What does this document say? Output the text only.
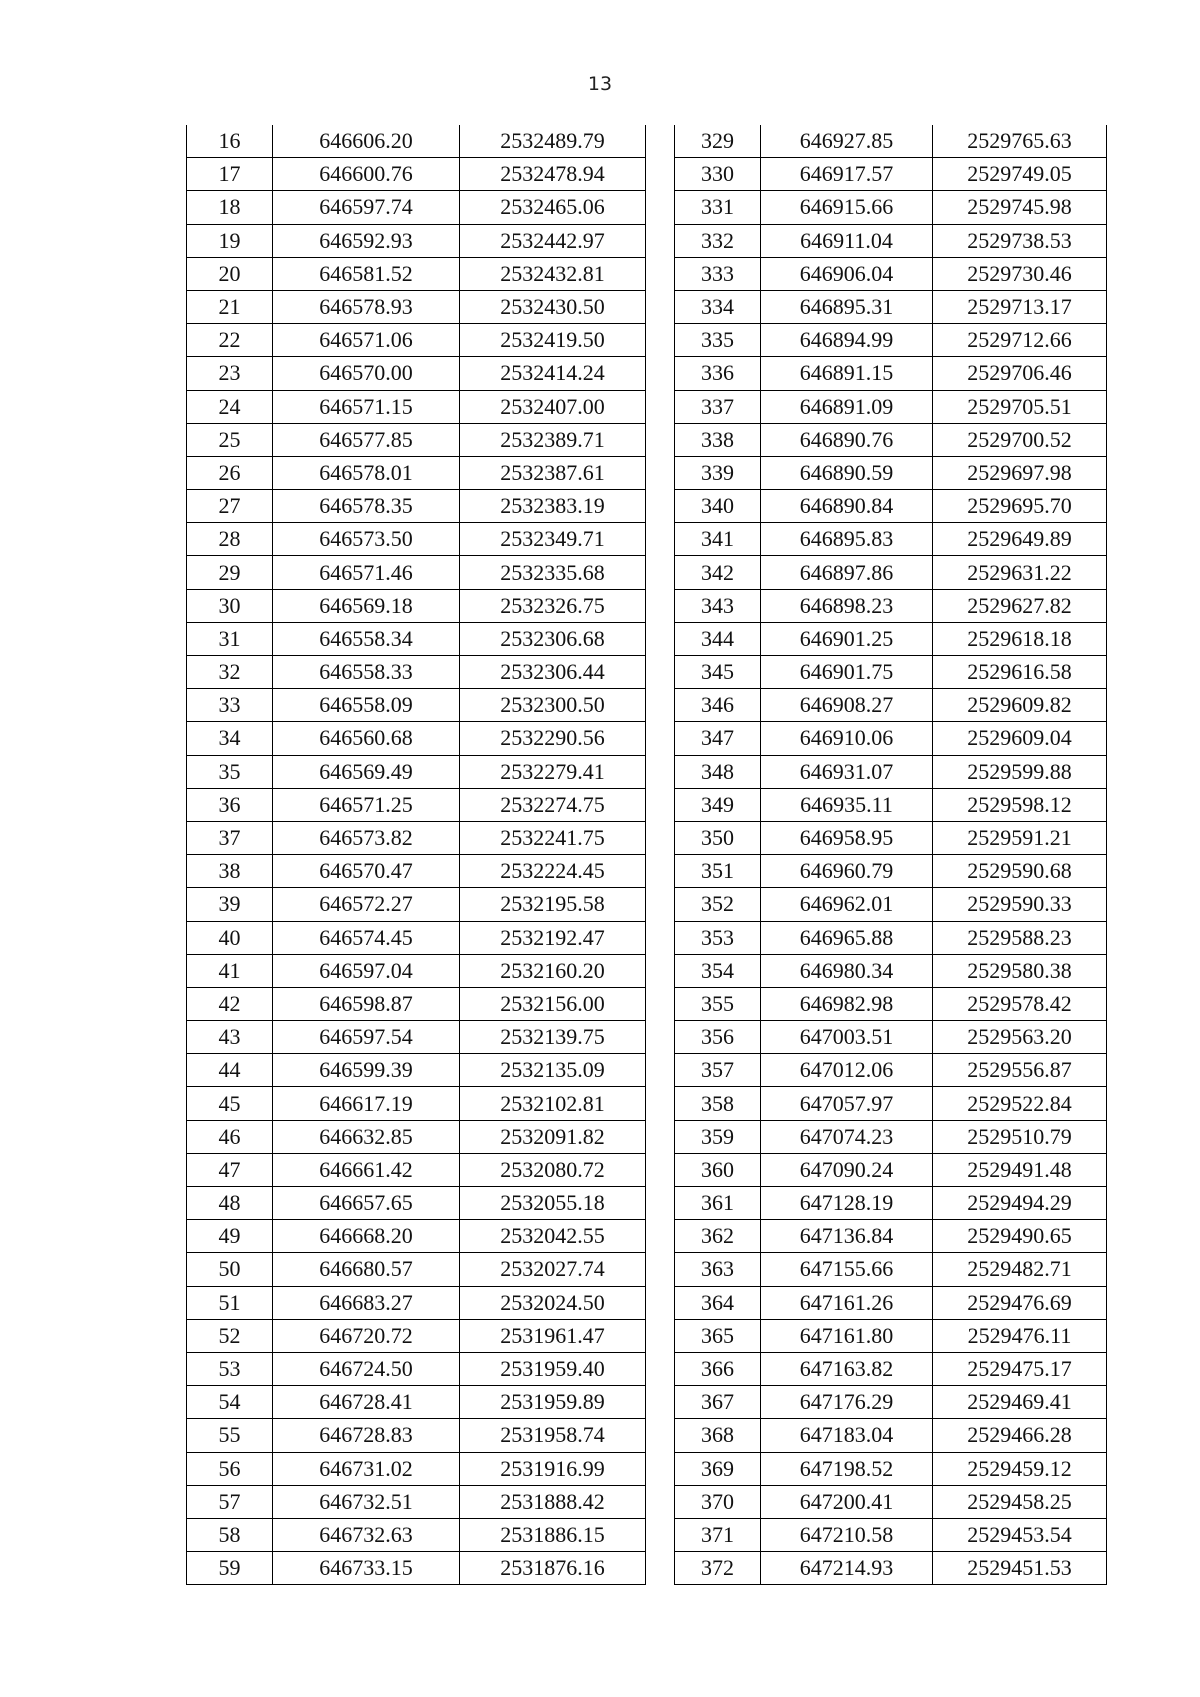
13
16	646606.20	2532489.79
17	646600.76	2532478.94
18	646597.74	2532465.06
19	646592.93	2532442.97
20	646581.52	2532432.81
21	646578.93	2532430.50
22	646571.06	2532419.50
23	646570.00	2532414.24
24	646571.15	2532407.00
25	646577.85	2532389.71
26	646578.01	2532387.61
27	646578.35	2532383.19
28	646573.50	2532349.71
29	646571.46	2532335.68
30	646569.18	2532326.75
31	646558.34	2532306.68
32	646558.33	2532306.44
33	646558.09	2532300.50
34	646560.68	2532290.56
35	646569.49	2532279.41
36	646571.25	2532274.75
37	646573.82	2532241.75
38	646570.47	2532224.45
39	646572.27	2532195.58
40	646574.45	2532192.47
41	646597.04	2532160.20
42	646598.87	2532156.00
43	646597.54	2532139.75
44	646599.39	2532135.09
45	646617.19	2532102.81
46	646632.85	2532091.82
47	646661.42	2532080.72
48	646657.65	2532055.18
49	646668.20	2532042.55
50	646680.57	2532027.74
51	646683.27	2532024.50
52	646720.72	2531961.47
53	646724.50	2531959.40
54	646728.41	2531959.89
55	646728.83	2531958.74
56	646731.02	2531916.99
57	646732.51	2531888.42
58	646732.63	2531886.15
59	646733.15	2531876.16
329	646927.85	2529765.63
330	646917.57	2529749.05
331	646915.66	2529745.98
332	646911.04	2529738.53
333	646906.04	2529730.46
334	646895.31	2529713.17
335	646894.99	2529712.66
336	646891.15	2529706.46
337	646891.09	2529705.51
338	646890.76	2529700.52
339	646890.59	2529697.98
340	646890.84	2529695.70
341	646895.83	2529649.89
342	646897.86	2529631.22
343	646898.23	2529627.82
344	646901.25	2529618.18
345	646901.75	2529616.58
346	646908.27	2529609.82
347	646910.06	2529609.04
348	646931.07	2529599.88
349	646935.11	2529598.12
350	646958.95	2529591.21
351	646960.79	2529590.68
352	646962.01	2529590.33
353	646965.88	2529588.23
354	646980.34	2529580.38
355	646982.98	2529578.42
356	647003.51	2529563.20
357	647012.06	2529556.87
358	647057.97	2529522.84
359	647074.23	2529510.79
360	647090.24	2529491.48
361	647128.19	2529494.29
362	647136.84	2529490.65
363	647155.66	2529482.71
364	647161.26	2529476.69
365	647161.80	2529476.11
366	647163.82	2529475.17
367	647176.29	2529469.41
368	647183.04	2529466.28
369	647198.52	2529459.12
370	647200.41	2529458.25
371	647210.58	2529453.54
372	647214.93	2529451.53
